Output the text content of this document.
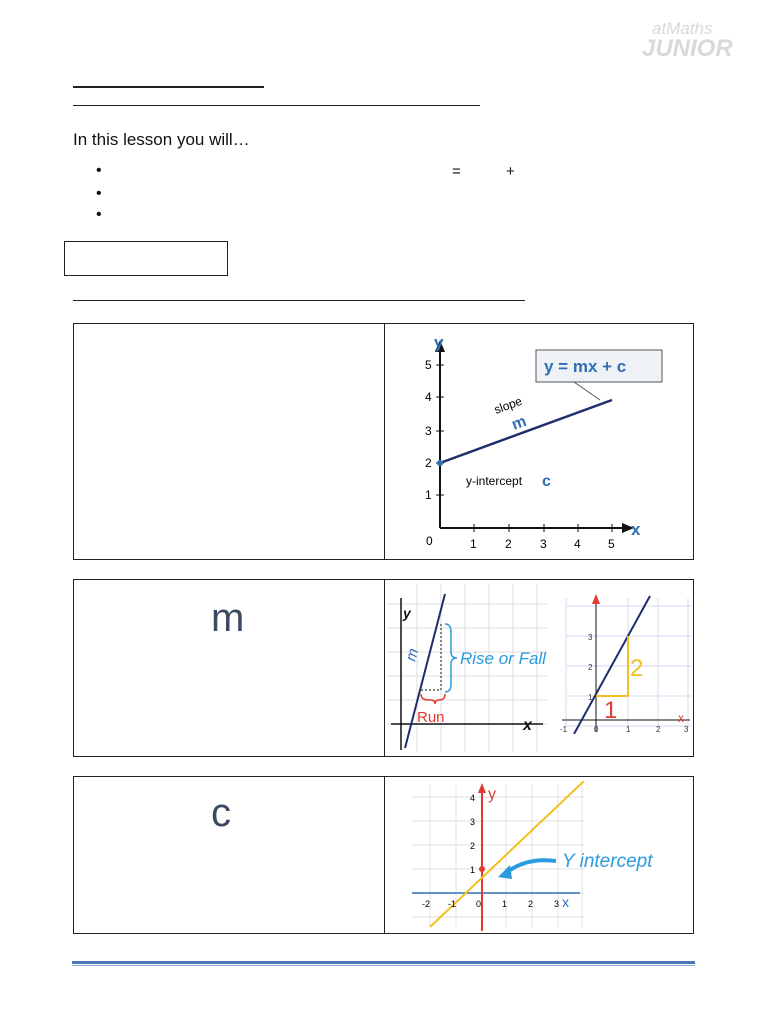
atMaths
JUNIOR
In this lesson you will…
•
•
•
=	+
y
x
0
5
4
3
2
1
1 2 3 4 5
y = mx + c
slope
m
y-intercept c
m	y
x
m Rise or Fall
Run	x
2
1
3
2
1
-1	0	1	2	3
c	y
x
Y intercept
4
3
2
1
-2 -1 0 1 2 3
